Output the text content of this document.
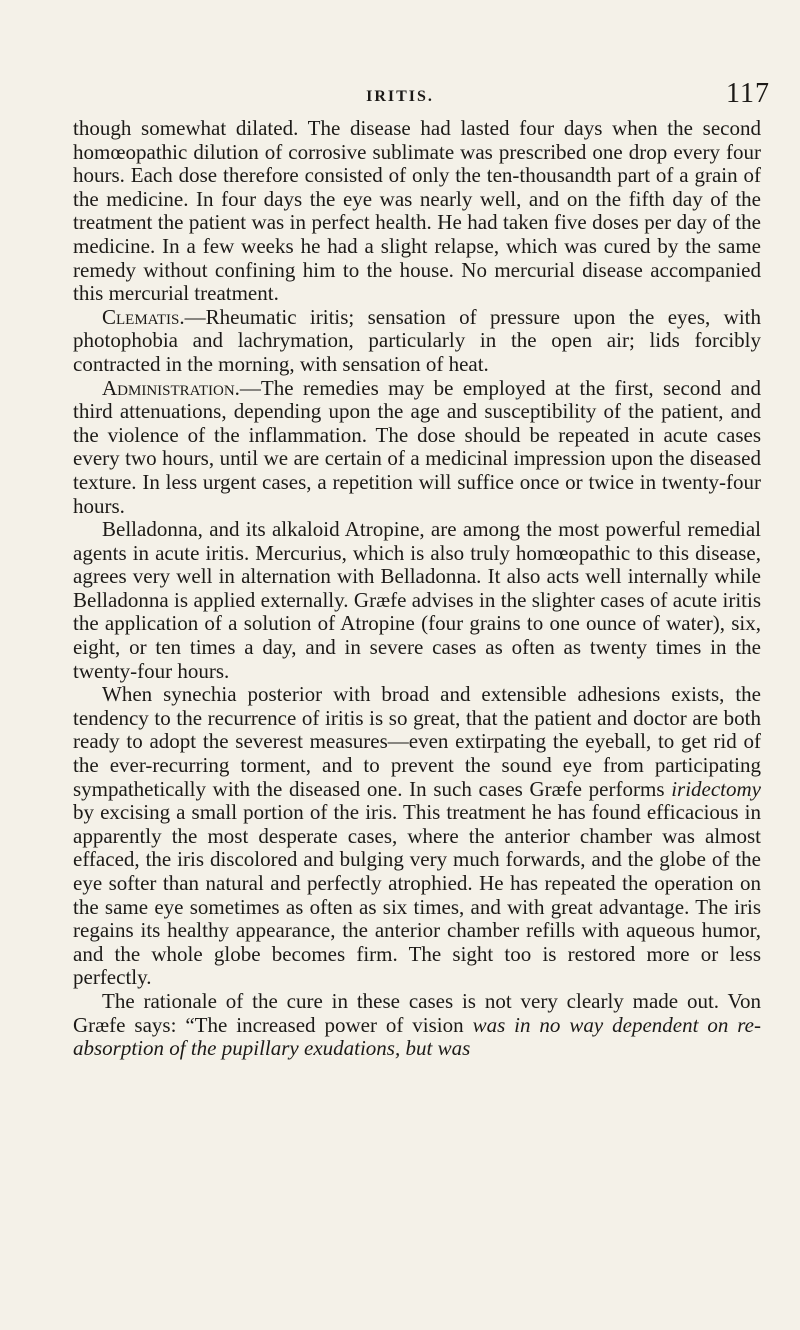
IRITIS.	117

though somewhat dilated. The disease had lasted four days when the second homœopathic dilution of corrosive sublimate was prescribed one drop every four hours. Each dose therefore consisted of only the ten-thousandth part of a grain of the medicine. In four days the eye was nearly well, and on the fifth day of the treatment the patient was in perfect health. He had taken five doses per day of the medicine. In a few weeks he had a slight relapse, which was cured by the same remedy without confining him to the house. No mercurial disease accompanied this mercurial treatment.

Clematis.—Rheumatic iritis; sensation of pressure upon the eyes, with photophobia and lachrymation, particularly in the open air; lids forcibly contracted in the morning, with sensation of heat.

Administration.—The remedies may be employed at the first, second and third attenuations, depending upon the age and susceptibility of the patient, and the violence of the inflammation. The dose should be repeated in acute cases every two hours, until we are certain of a medicinal impression upon the diseased texture. In less urgent cases, a repetition will suffice once or twice in twenty-four hours.

Belladonna, and its alkaloid Atropine, are among the most powerful remedial agents in acute iritis. Mercurius, which is also truly homœopathic to this disease, agrees very well in alternation with Belladonna. It also acts well internally while Belladonna is applied externally. Græfe advises in the slighter cases of acute iritis the application of a solution of Atropine (four grains to one ounce of water), six, eight, or ten times a day, and in severe cases as often as twenty times in the twenty-four hours.

When synechia posterior with broad and extensible adhesions exists, the tendency to the recurrence of iritis is so great, that the patient and doctor are both ready to adopt the severest measures—even extirpating the eyeball, to get rid of the ever-recurring torment, and to prevent the sound eye from participating sympathetically with the diseased one. In such cases Græfe performs iridectomy by excising a small portion of the iris. This treatment he has found efficacious in apparently the most desperate cases, where the anterior chamber was almost effaced, the iris discolored and bulging very much forwards, and the globe of the eye softer than natural and perfectly atrophied. He has repeated the operation on the same eye sometimes as often as six times, and with great advantage. The iris regains its healthy appearance, the anterior chamber refills with aqueous humor, and the whole globe becomes firm. The sight too is restored more or less perfectly.

The rationale of the cure in these cases is not very clearly made out. Von Græfe says: “The increased power of vision was in no way dependent on re-absorption of the pupillary exudations, but was
